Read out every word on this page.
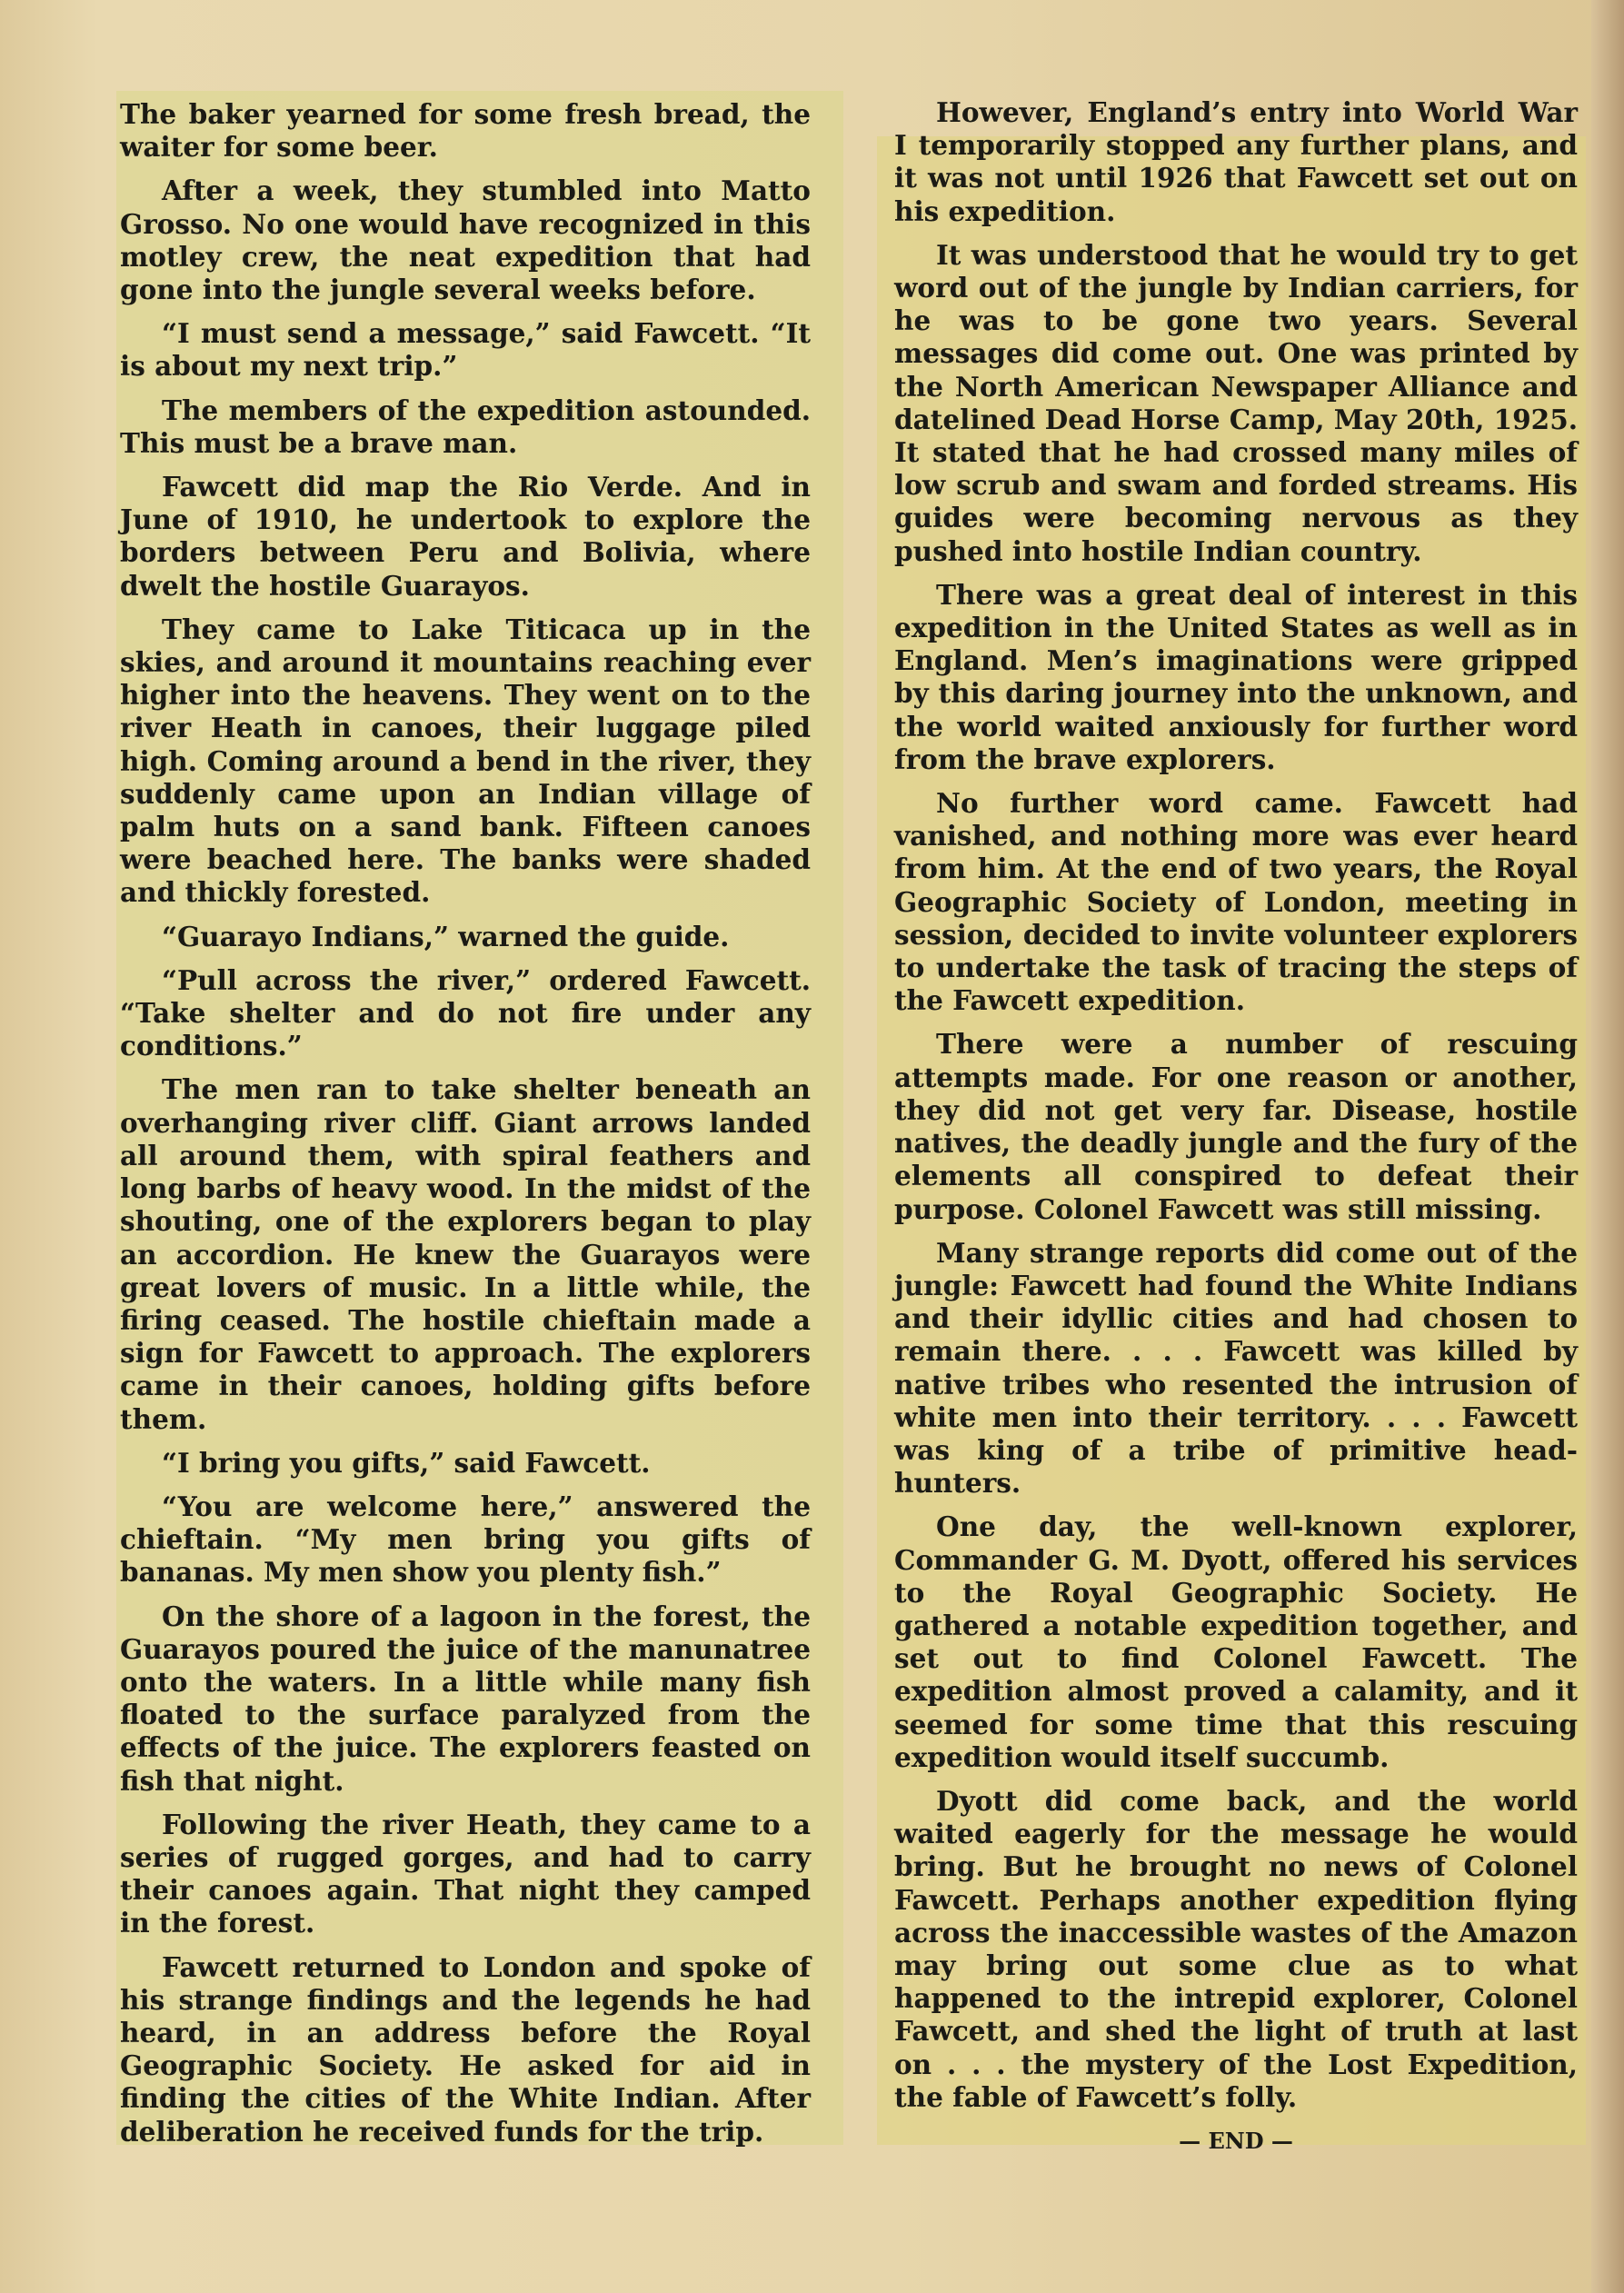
The baker yearned for some fresh bread, the waiter for some beer.

After a week, they stumbled into Matto Grosso. No one would have recognized in this motley crew, the neat expedition that had gone into the jungle several weeks before.

“I must send a message,” said Fawcett. “It is about my next trip.”

The members of the expedition astounded. This must be a brave man.

Fawcett did map the Rio Verde. And in June of 1910, he undertook to explore the borders between Peru and Bolivia, where dwelt the hostile Guarayos.

They came to Lake Titicaca up in the skies, and around it mountains reaching ever higher into the heavens. They went on to the river Heath in canoes, their luggage piled high. Coming around a bend in the river, they suddenly came upon an Indian village of palm huts on a sand bank. Fifteen canoes were beached here. The banks were shaded and thickly forested.

“Guarayo Indians,” warned the guide.

“Pull across the river,” ordered Fawcett. “Take shelter and do not fire under any conditions.”

The men ran to take shelter beneath an overhanging river cliff. Giant arrows landed all around them, with spiral feathers and long barbs of heavy wood. In the midst of the shouting, one of the explorers began to play an accordion. He knew the Guarayos were great lovers of music. In a little while, the firing ceased. The hostile chieftain made a sign for Fawcett to approach. The explorers came in their canoes, holding gifts before them.

“I bring you gifts,” said Fawcett.

“You are welcome here,” answered the chieftain. “My men bring you gifts of bananas. My men show you plenty fish.”

On the shore of a lagoon in the forest, the Guarayos poured the juice of the manunatree onto the waters. In a little while many fish floated to the surface paralyzed from the effects of the juice. The explorers feasted on fish that night.

Following the river Heath, they came to a series of rugged gorges, and had to carry their canoes again. That night they camped in the forest.

Fawcett returned to London and spoke of his strange findings and the legends he had heard, in an address before the Royal Geographic Society. He asked for aid in finding the cities of the White Indian. After deliberation he received funds for the trip.

However, England’s entry into World War I temporarily stopped any further plans, and it was not until 1926 that Fawcett set out on his expedition.

It was understood that he would try to get word out of the jungle by Indian carriers, for he was to be gone two years. Several messages did come out. One was printed by the North American Newspaper Alliance and datelined Dead Horse Camp, May 20th, 1925. It stated that he had crossed many miles of low scrub and swam and forded streams. His guides were becoming nervous as they pushed into hostile Indian country.

There was a great deal of interest in this expedition in the United States as well as in England. Men’s imaginations were gripped by this daring journey into the unknown, and the world waited anxiously for further word from the brave explorers.

No further word came. Fawcett had vanished, and nothing more was ever heard from him. At the end of two years, the Royal Geographic Society of London, meeting in session, decided to invite volunteer explorers to undertake the task of tracing the steps of the Fawcett expedition.

There were a number of rescuing attempts made. For one reason or another, they did not get very far. Disease, hostile natives, the deadly jungle and the fury of the elements all conspired to defeat their purpose. Colonel Fawcett was still missing.

Many strange reports did come out of the jungle: Fawcett had found the White Indians and their idyllic cities and had chosen to remain there. . . . Fawcett was killed by native tribes who resented the intrusion of white men into their territory. . . . Fawcett was king of a tribe of primitive head-hunters.

One day, the well-known explorer, Commander G. M. Dyott, offered his services to the Royal Geographic Society. He gathered a notable expedition together, and set out to find Colonel Fawcett. The expedition almost proved a calamity, and it seemed for some time that this rescuing expedition would itself succumb.

Dyott did come back, and the world waited eagerly for the message he would bring. But he brought no news of Colonel Fawcett. Perhaps another expedition flying across the inaccessible wastes of the Amazon may bring out some clue as to what happened to the intrepid explorer, Colonel Fawcett, and shed the light of truth at last on . . . the mystery of the Lost Expedition, the fable of Fawcett’s folly.

— END —
